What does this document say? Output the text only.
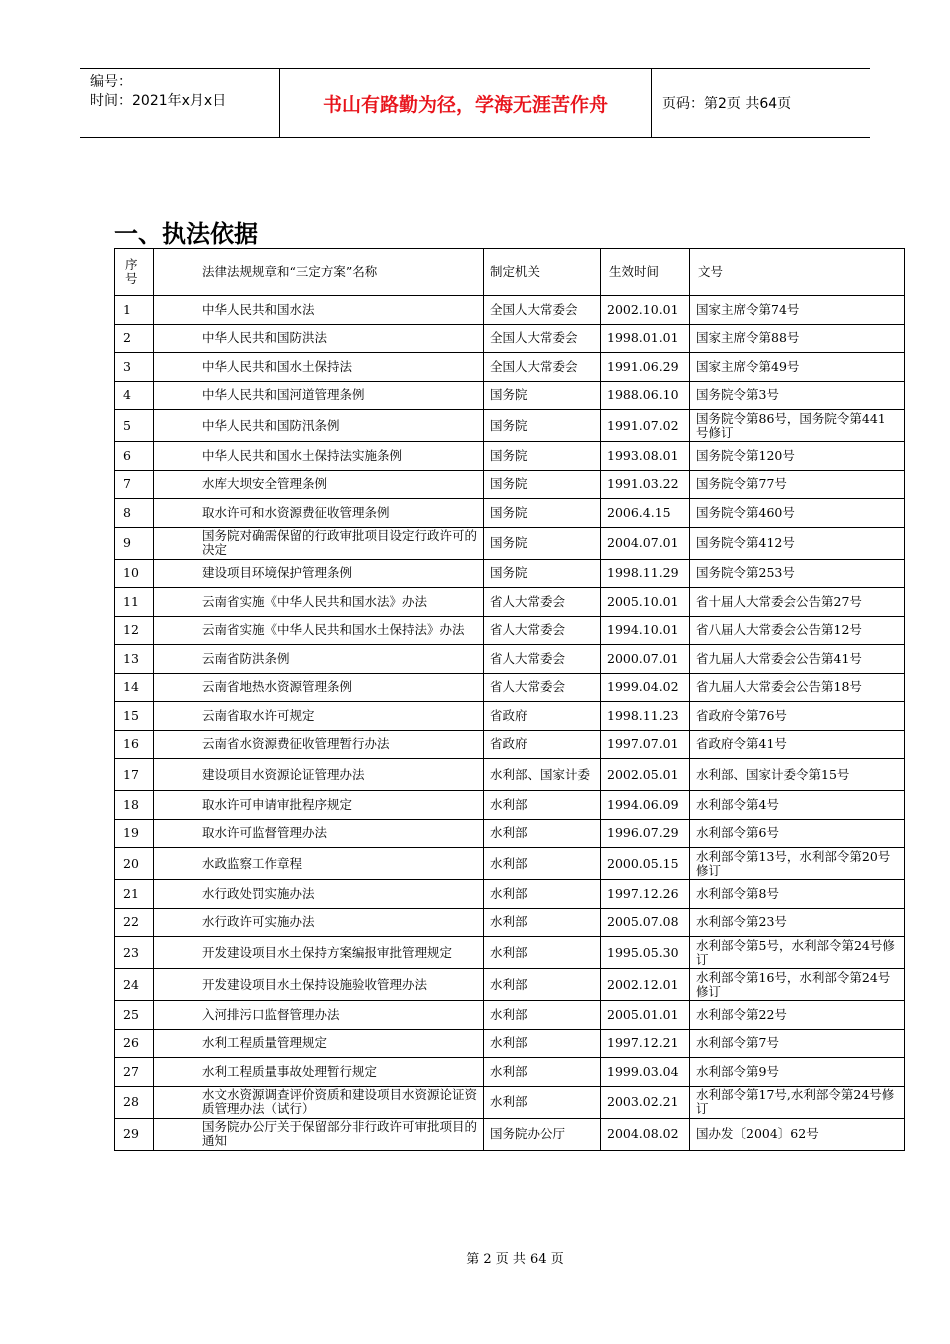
编号：
时间：2021年x月x日	书山有路勤为径，学海无涯苦作舟	页码：第2页 共64页
一、执法依据
序号	法律法规规章和“三定方案”名称	制定机关	生效时间	文号
1	中华人民共和国水法	全国人大常委会	2002.10.01	国家主席令第74号
2	中华人民共和国防洪法	全国人大常委会	1998.01.01	国家主席令第88号
3	中华人民共和国水土保持法	全国人大常委会	1991.06.29	国家主席令第49号
4	中华人民共和国河道管理条例	国务院	1988.06.10	国务院令第3号
5	中华人民共和国防汛条例	国务院	1991.07.02	国务院令第86号，国务院令第441号修订
6	中华人民共和国水土保持法实施条例	国务院	1993.08.01	国务院令第120号
7	水库大坝安全管理条例	国务院	1991.03.22	国务院令第77号
8	取水许可和水资源费征收管理条例	国务院	2006.4.15	国务院令第460号
9	国务院对确需保留的行政审批项目设定行政许可的决定	国务院	2004.07.01	国务院令第412号
10	建设项目环境保护管理条例	国务院	1998.11.29	国务院令第253号
11	云南省实施《中华人民共和国水法》办法	省人大常委会	2005.10.01	省十届人大常委会公告第27号
12	云南省实施《中华人民共和国水土保持法》办法	省人大常委会	1994.10.01	省八届人大常委会公告第12号
13	云南省防洪条例	省人大常委会	2000.07.01	省九届人大常委会公告第41号
14	云南省地热水资源管理条例	省人大常委会	1999.04.02	省九届人大常委会公告第18号
15	云南省取水许可规定	省政府	1998.11.23	省政府令第76号
16	云南省水资源费征收管理暂行办法	省政府	1997.07.01	省政府令第41号
17	建设项目水资源论证管理办法	水利部、国家计委	2002.05.01	水利部、国家计委令第15号
18	取水许可申请审批程序规定	水利部	1994.06.09	水利部令第4号
19	取水许可监督管理办法	水利部	1996.07.29	水利部令第6号
20	水政监察工作章程	水利部	2000.05.15	水利部令第13号，水利部令第20号修订
21	水行政处罚实施办法	水利部	1997.12.26	水利部令第8号
22	水行政许可实施办法	水利部	2005.07.08	水利部令第23号
23	开发建设项目水土保持方案编报审批管理规定	水利部	1995.05.30	水利部令第5号，水利部令第24号修订
24	开发建设项目水土保持设施验收管理办法	水利部	2002.12.01	水利部令第16号，水利部令第24号修订
25	入河排污口监督管理办法	水利部	2005.01.01	水利部令第22号
26	水利工程质量管理规定	水利部	1997.12.21	水利部令第7号
27	水利工程质量事故处理暂行规定	水利部	1999.03.04	水利部令第9号
28	水文水资源调查评价资质和建设项目水资源论证资质管理办法（试行）	水利部	2003.02.21	水利部令第17号,水利部令第24号修订
29	国务院办公厅关于保留部分非行政许可审批项目的通知	国务院办公厅	2004.08.02	国办发〔2004〕62号
第 2 页 共 64 页
